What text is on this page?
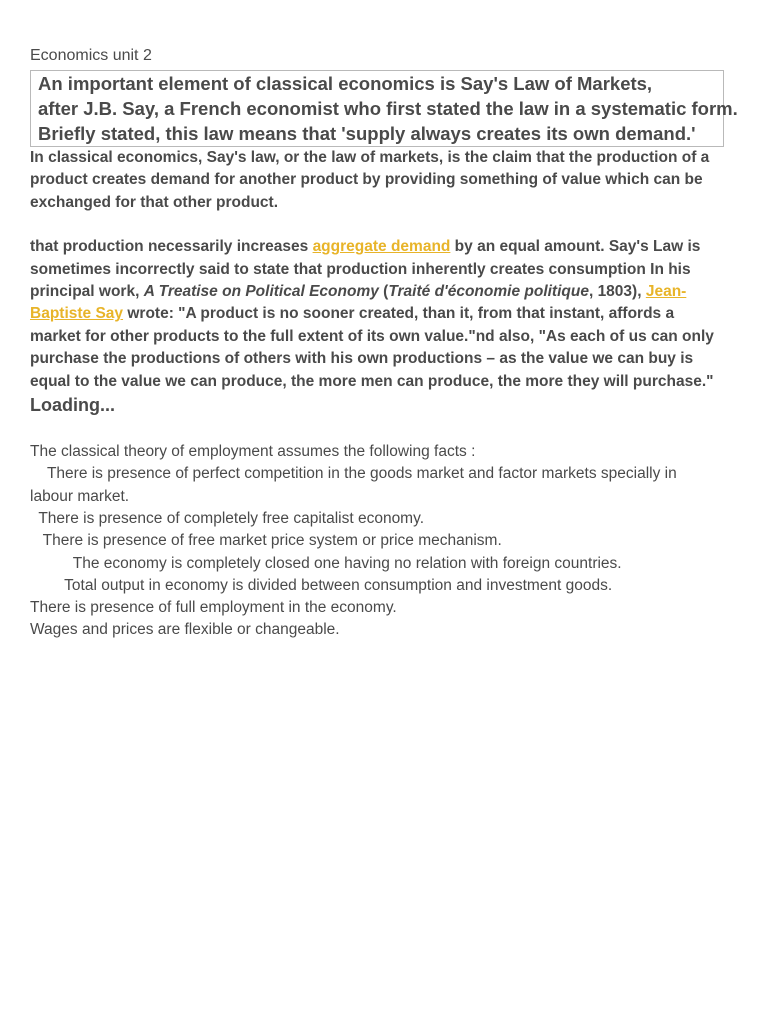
Economics unit 2
An important element of classical economics is Say's Law of Markets,
after J.B. Say, a French economist who first stated the law in a systematic form.
Briefly stated, this law means that 'supply always creates its own demand.'

In classical economics, Say's law, or the law of markets, is the claim that the production of a
product creates demand for another product by providing something of value which can be
exchanged for that other product.

that production necessarily increases aggregate demand by an equal amount. Say's Law is
sometimes incorrectly said to state that production inherently creates consumption In his
principal work, A Treatise on Political Economy (Traité d'économie politique, 1803), Jean-
Baptiste Say wrote: "A product is no sooner created, than it, from that instant, affords a
market for other products to the full extent of its own value."nd also, "As each of us can only
purchase the productions of others with his own productions – as the value we can buy is
equal to the value we can produce, the more men can produce, the more they will purchase."

Loading...
The classical theory of employment assumes the following facts :
There is presence of perfect competition in the goods market and factor markets specially in
labour market.
There is presence of completely free capitalist economy.
There is presence of free market price system or price mechanism.
The economy is completely closed one having no relation with foreign countries.
Total output in economy is divided between consumption and investment goods.
There is presence of full employment in the economy.
Wages and prices are flexible or changeable.
